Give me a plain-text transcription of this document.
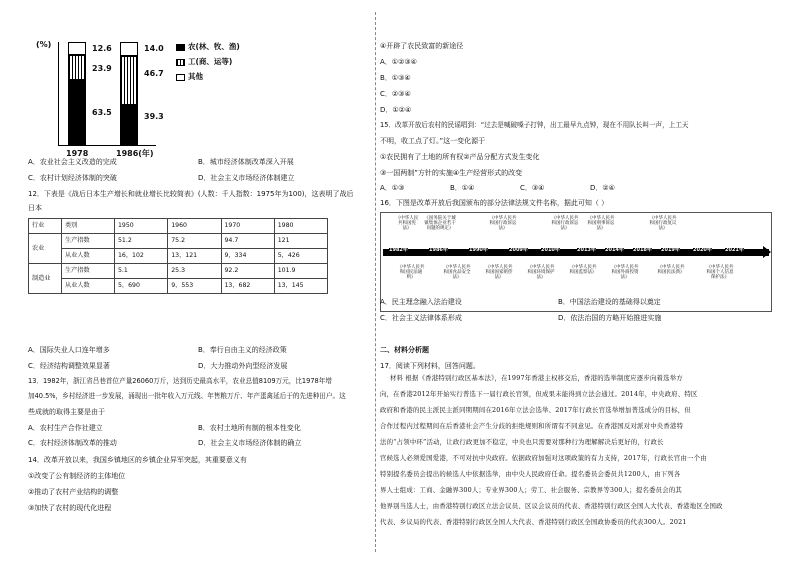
(%)	12.6
23.9
63.5
1978
14.0
46.7
39.3
1986(年)
农(林、牧、渔)
工(商、运等)
其他
A．农业社会主义改造的完成	B．城市经济体制改革深入开展
C．农村计划经济体制的突破	D．社会主义市场经济体制建立
12．下表是《战后日本生产增长和就业增长比较简表》(人数：千人指数：1975年为100)，这表明了战后
日本
行业	类别	1950	1960	1970	1980
农业	生产指数	51.2	75.2	94.7	121
	从业人数	16，102	13，121	9，334	5，426
制造业	生产指数	5.1	25.3	92.2	101.9
	从业人数	5，690	9，553	13，682	13，145
A．国际失业人口连年增多	B．奉行自由主义的经济政策
C．经济结构调整效果显著	D．大力推动外向型经济发展
13．1982年，浙江省吕巷首位产量26060万斤，达到历史最高水平，农业总值8109万元，比1978年增
加40.5%，乡村经济进一步发展，涌现出一批年收入万元线、年售粮万斤、年产蛋禽延后于的先进种田户。这
些成就的取得主要是由于
A．农村生产合作社建立	B．农村土地所有制的根本性变化
C．农村经济体制改革的推动	D．社会主义市场经济体制的确立
14．改革开放以来，我国乡镇地区的乡镇企业异军突起，其重要意义有
①改变了公有制经济的主体地位
②推动了农村产业结构的调整
③加快了农村的现代化进程
④开辟了农民致富的新途径
A．①②③④
B．①③④
C．②③④
D．①②④
15．改革开放后农村的民谣唱到：“过去是喊破嗓子打钟，出工最早九点钟，现在不用队长叫一声，上工天
不明，收工点了灯。”这一变化源于
①农民拥有了土地的所有权②产品分配方式发生变化
③一国两制”方针的实施④生产经营形式的改变
A．①③	B．①④	C．③④	D．②④
16．下图是改革开放后我国颁布的部分法律法规文件名称，据此可知（ ）
《中华人民共和国宪法》
《国务院关于城镇集体企业若干问题的规定》
《中华人民共和国行政诉讼法》
《中华人民共和国行政诉讼法》
《中华人民共和国刑事诉讼法》
《中华人民共和国行政复议法》
1982年	1986年	1990年	2009年	2010年	2013年 2014年 2018年 2019年	2020年	2021年
《中华人民共和国民法通则》
《中华人民共和国食品安全法》
《中华人民共和国国家赔偿法》
《中华人民共和国环境保护法》
《中华人民共和国监察法》
《中华人民共和国外商投资法》
《中华人民共和国民法典》
《中华人民共和国个人信息保护法》
A．民主理念融入法治建设	B．中国法治建设的基础得以奠定
C．社会主义法律体系形成	D．依法治国的方略开始推进实施
二、材料分析题
17．阅读下列材料，回答问题。
材料 根据《香港特别行政区基本法》，在1997年香港主权移交后，香港的选举制度应逐步向着选举方
向，在香港2012年开始实行普选下一届行政长官领，但成果未能得到立法会通过。2014年，中央政府、特区
政府和香港的民主派民主派同期期间在2016年立法会选举、2017年行政长官选举增加普选成分的目标，但
合作过程内过程期间在后香港社会产生分歧的拒绝规则和所谓有不同意见。在香港国反对派对中央香港特
法的“占领中环”活动，让政行政更加不稳定，中央也只需要对那种行为理解解决后更好的，行政长
官候选人必须爱国爱港，不可对抗中央政府。依据政府加强对这项政策的有力支持，2017年，行政长官由一个由
特别提名委员会提出的候选人中依据选举，由中央人民政府任命。提名委员会委员共1200人，由下列各
界人士组成：工商、金融界300人；专业界300人；劳工、社会服务、宗教界等300人；提名委员会的其
他界别当选人士，由香港特别行政区立法会议员、区议会议员的代表、香港特别行政区全国人大代表、香港地区全国政
代表、乡议局的代表、香港特别行政区全国人大代表、香港特别行政区全国政协委员的代表300人。2021
